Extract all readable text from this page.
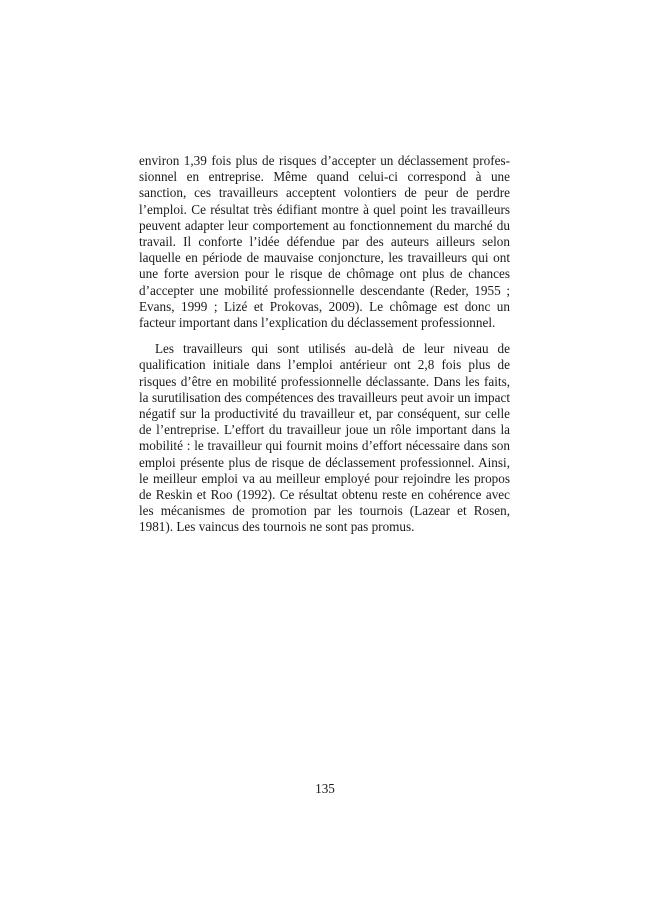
environ 1,39 fois plus de risques d’accepter un déclassement professionnel en entreprise. Même quand celui-ci correspond à une sanction, ces travailleurs acceptent volontiers de peur de perdre l’emploi. Ce résultat très édifiant montre à quel point les travailleurs peuvent adapter leur comportement au fonctionnement du marché du travail. Il conforte l’idée défendue par des auteurs ailleurs selon laquelle en période de mauvaise conjoncture, les travailleurs qui ont une forte aversion pour le risque de chômage ont plus de chances d’accepter une mobilité professionnelle descendante (Reder, 1955 ; Evans, 1999 ; Lizé et Prokovas, 2009). Le chômage est donc un facteur important dans l’explication du déclassement professionnel.

Les travailleurs qui sont utilisés au-delà de leur niveau de qualification initiale dans l’emploi antérieur ont 2,8 fois plus de risques d’être en mobilité professionnelle déclassante. Dans les faits, la surutilisation des compétences des travailleurs peut avoir un impact négatif sur la productivité du travailleur et, par conséquent, sur celle de l’entreprise. L’effort du travailleur joue un rôle important dans la mobilité : le travailleur qui fournit moins d’effort nécessaire dans son emploi présente plus de risque de déclassement professionnel. Ainsi, le meilleur emploi va au meilleur employé pour rejoindre les propos de Reskin et Roo (1992). Ce résultat obtenu reste en cohérence avec les mécanismes de promotion par les tournois (Lazear et Rosen, 1981). Les vaincus des tournois ne sont pas promus.

135
